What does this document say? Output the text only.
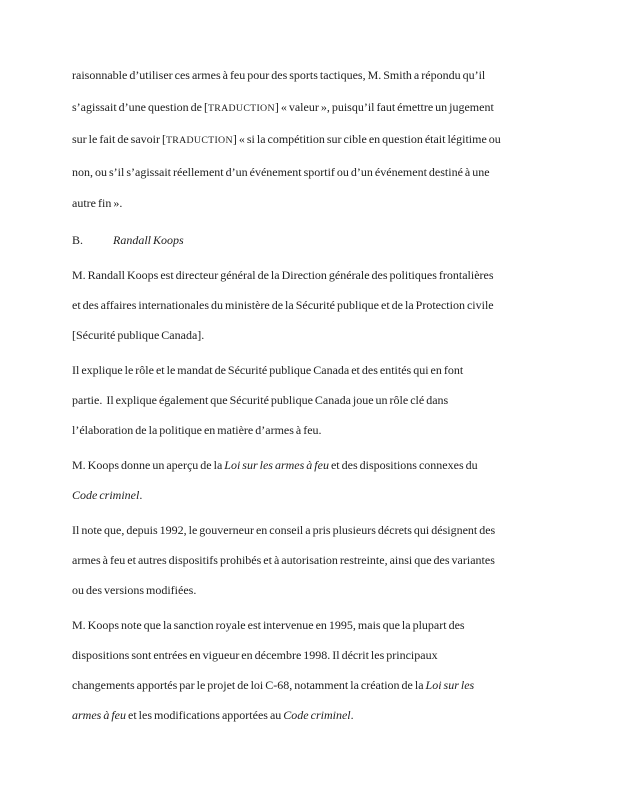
raisonnable d’utiliser ces armes à feu pour des sports tactiques, M. Smith a répondu qu’il
s’agissait d’une question de [TRADUCTION] « valeur », puisqu’il faut émettre un jugement
sur le fait de savoir [TRADUCTION] « si la compétition sur cible en question était légitime ou
non, ou s’il s’agissait réellement d’un événement sportif ou d’un événement destiné à une
autre fin ».
B. Randall Koops
M. Randall Koops est directeur général de la Direction générale des politiques frontalières
et des affaires internationales du ministère de la Sécurité publique et de la Protection civile
[Sécurité publique Canada].
Il explique le rôle et le mandat de Sécurité publique Canada et des entités qui en font
partie.  Il explique également que Sécurité publique Canada joue un rôle clé dans
l’élaboration de la politique en matière d’armes à feu.
M. Koops donne un aperçu de la Loi sur les armes à feu et des dispositions connexes du
Code criminel.
Il note que, depuis 1992, le gouverneur en conseil a pris plusieurs décrets qui désignent des
armes à feu et autres dispositifs prohibés et à autorisation restreinte, ainsi que des variantes
ou des versions modifiées.
M. Koops note que la sanction royale est intervenue en 1995, mais que la plupart des
dispositions sont entrées en vigueur en décembre 1998. Il décrit les principaux
changements apportés par le projet de loi C-68, notamment la création de la Loi sur les
armes à feu et les modifications apportées au Code criminel.
